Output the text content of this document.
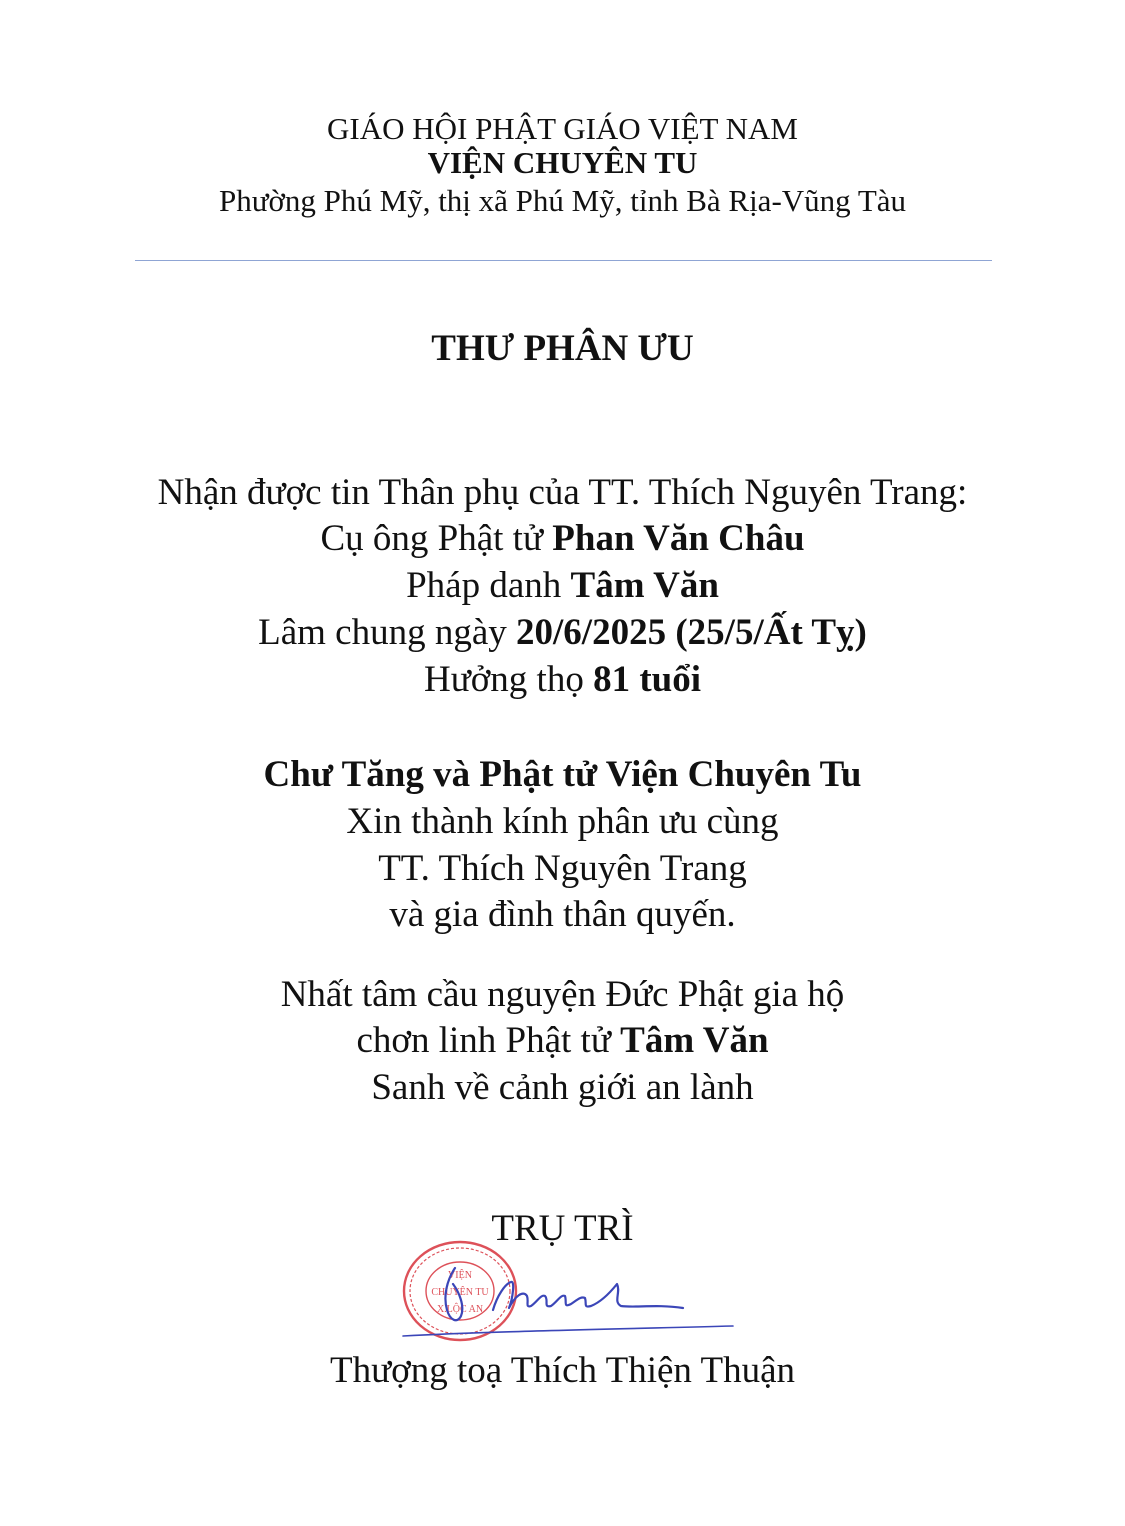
GIÁO HỘI PHẬT GIÁO VIỆT NAM
VIỆN CHUYÊN TU
Phường Phú Mỹ, thị xã Phú Mỹ, tỉnh Bà Rịa-Vũng Tàu
THƯ PHÂN ƯU
Nhận được tin Thân phụ của TT. Thích Nguyên Trang:
Cụ ông Phật tử Phan Văn Châu
Pháp danh Tâm Văn
Lâm chung ngày 20/6/2025 (25/5/Ất Tỵ)
Hưởng thọ 81 tuổi
Chư Tăng và Phật tử Viện Chuyên Tu
Xin thành kính phân ưu cùng
TT. Thích Nguyên Trang
và gia đình thân quyến.
Nhất tâm cầu nguyện Đức Phật gia hộ
chơn linh Phật tử Tâm Văn
Sanh về cảnh giới an lành
TRỤ TRÌ
VIỆN
CHUYÊN TU
X.LỘC AN
Thượng toạ Thích Thiện Thuận
